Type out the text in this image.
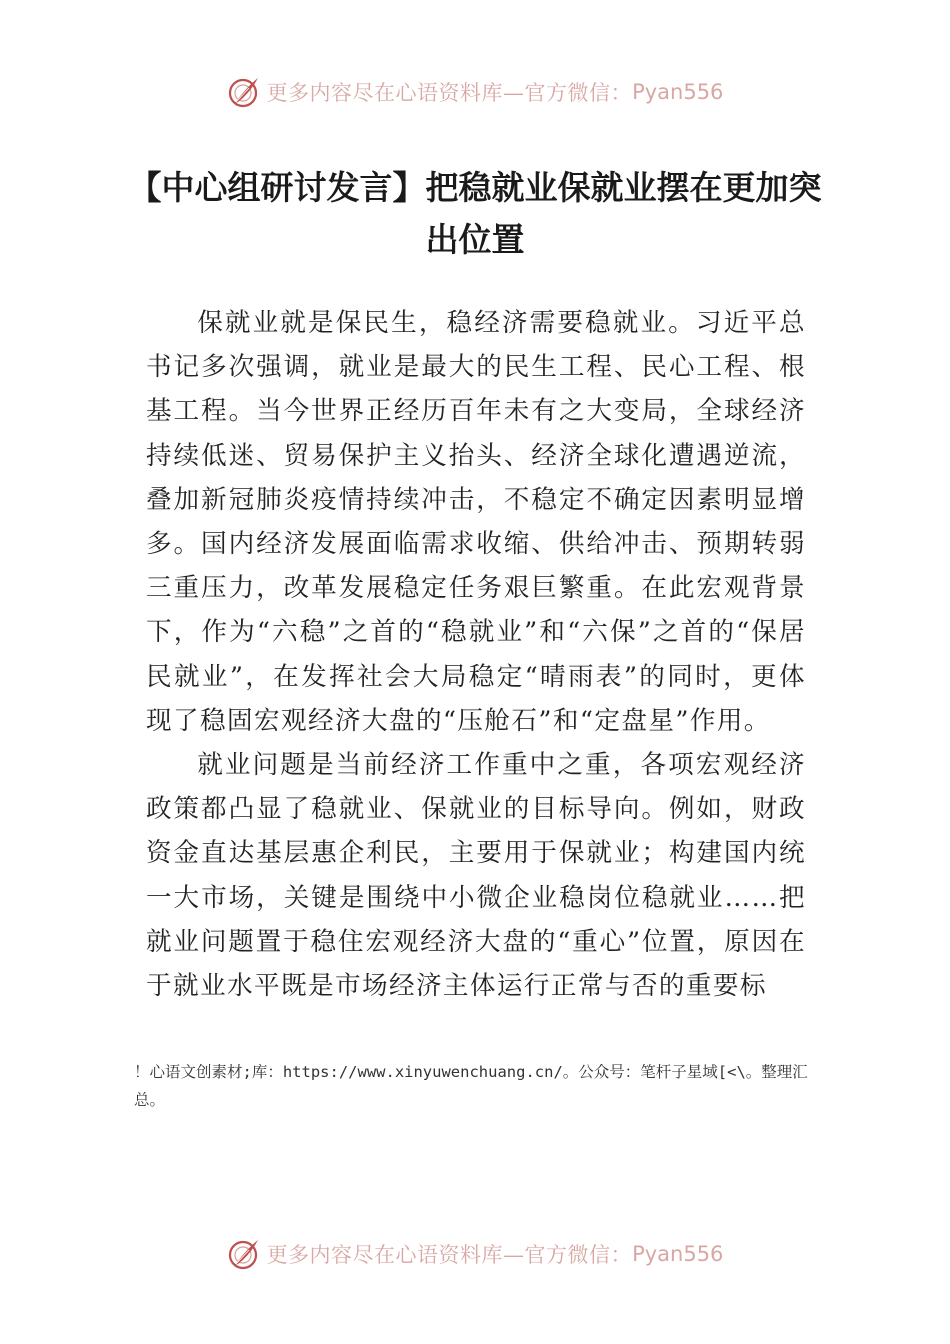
更多内容尽在心语资料库—官方微信： Pyan556
【中心组研讨发言】把稳就业保就业摆在更加突出位置

保就业就是保民生，稳经济需要稳就业。习近平总书记多次强调，就业是最大的民生工程、民心工程、根基工程。当今世界正经历百年未有之大变局，全球经济持续低迷、贸易保护主义抬头、经济全球化遭遇逆流，叠加新冠肺炎疫情持续冲击，不稳定不确定因素明显增多。国内经济发展面临需求收缩、供给冲击、预期转弱三重压力，改革发展稳定任务艰巨繁重。在此宏观背景下，作为“六稳”之首的“稳就业”和“六保”之首的“保居民就业”，在发挥社会大局稳定“晴雨表”的同时，更体现了稳固宏观经济大盘的“压舱石”和“定盘星”作用。

就业问题是当前经济工作重中之重，各项宏观经济政策都凸显了稳就业、保就业的目标导向。例如，财政资金直达基层惠企利民，主要用于保就业；构建国内统一大市场，关键是围绕中小微企业稳岗位稳就业……把就业问题置于稳住宏观经济大盘的“重心”位置，原因在于就业水平既是市场经济主体运行正常与否的重要标

！心语文创素材;库：https://www.xinyuwenchuang.cn/。公众号：笔杆子星域[<\。整理汇总。
更多内容尽在心语资料库—官方微信： Pyan556
